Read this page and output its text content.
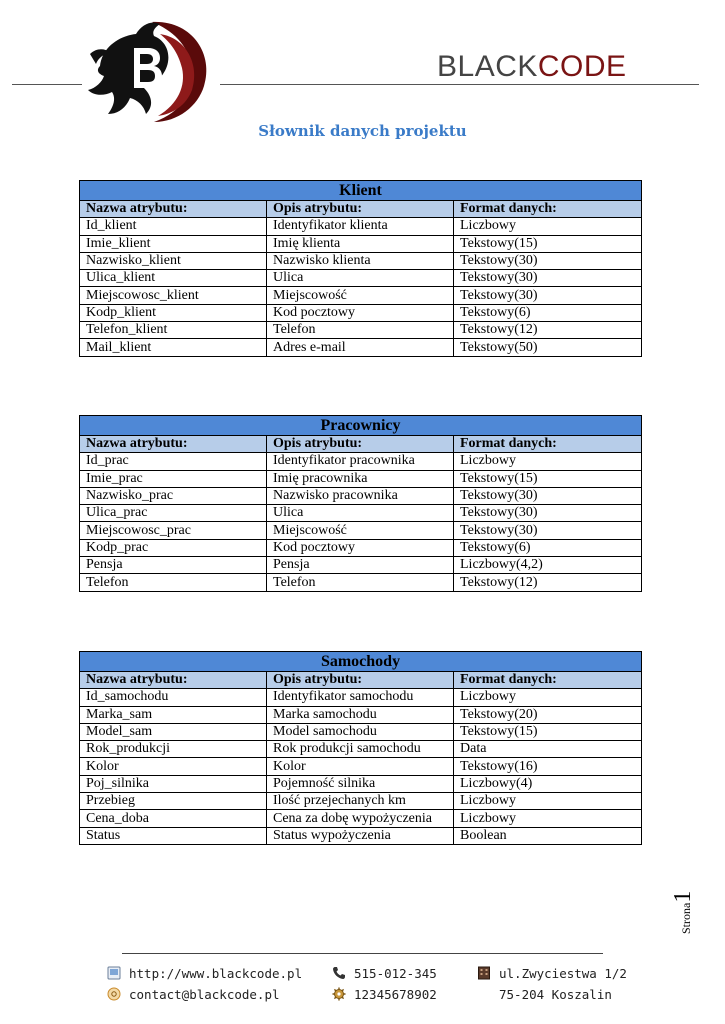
BLACKCODE
Słownik danych projektu
Klient		
Nazwa atrybutu:	Opis atrybutu:	Format danych:
Id_klient	Identyfikator klienta	Liczbowy
Imie_klient	Imię klienta	Tekstowy(15)
Nazwisko_klient	Nazwisko klienta	Tekstowy(30)
Ulica_klient	Ulica	Tekstowy(30)
Miejscowosc_klient	Miejscowość	Tekstowy(30)
Kodp_klient	Kod pocztowy	Tekstowy(6)
Telefon_klient	Telefon	Tekstowy(12)
Mail_klient	Adres e-mail	Tekstowy(50)
Pracownicy		
Nazwa atrybutu:	Opis atrybutu:	Format danych:
Id_prac	Identyfikator pracownika	Liczbowy
Imie_prac	Imię pracownika	Tekstowy(15)
Nazwisko_prac	Nazwisko pracownika	Tekstowy(30)
Ulica_prac	Ulica	Tekstowy(30)
Miejscowosc_prac	Miejscowość	Tekstowy(30)
Kodp_prac	Kod pocztowy	Tekstowy(6)
Pensja	Pensja	Liczbowy(4,2)
Telefon	Telefon	Tekstowy(12)
Samochody		
Nazwa atrybutu:	Opis atrybutu:	Format danych:
Id_samochodu	Identyfikator samochodu	Liczbowy
Marka_sam	Marka samochodu	Tekstowy(20)
Model_sam	Model samochodu	Tekstowy(15)
Rok_produkcji	Rok produkcji samochodu	Data
Kolor	Kolor	Tekstowy(16)
Poj_silnika	Pojemność silnika	Liczbowy(4)
Przebieg	Ilość przejechanych km	Liczbowy
Cena_doba	Cena za dobę wypożyczenia	Liczbowy
Status	Status wypożyczenia	Boolean
Strona1
http://www.blackcode.pl
contact@blackcode.pl
515-012-345
12345678902
ul.Zwyciestwa 1/2
75-204 Koszalin
